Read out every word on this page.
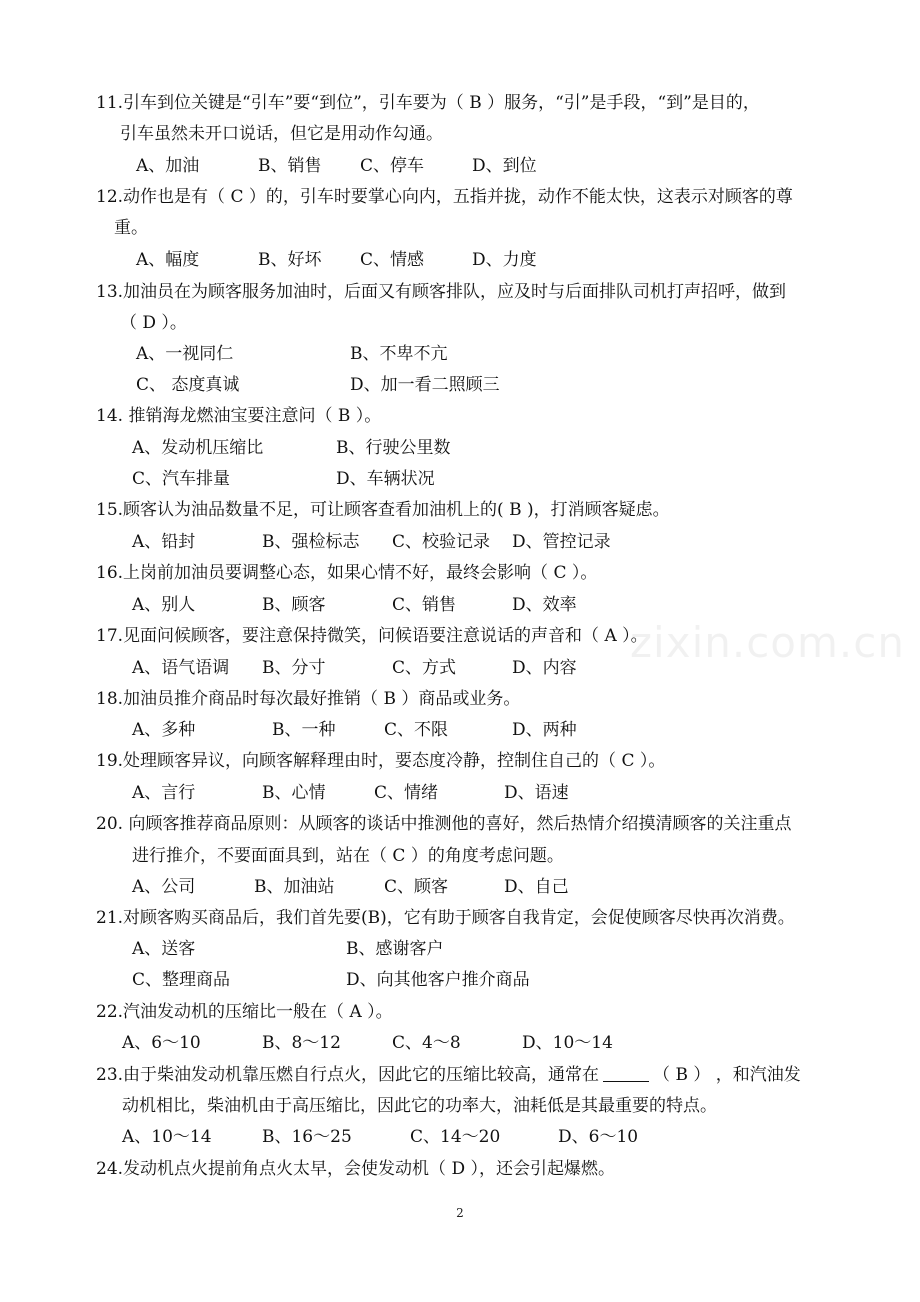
11.引车到位关键是“引车”要“到位”，引车要为（ B ）服务，“引”是手段，“到”是目的，
引车虽然未开口说话，但它是用动作勾通。
A、加油	B、销售 C、停车	D、到位
12.动作也是有（ C ）的，引车时要掌心向内，五指并拢，动作不能太快，这表示对顾客的尊
重。
A、幅度	B、好坏 C、情感	D、力度
13.加油员在为顾客服务加油时，后面又有顾客排队，应及时与后面排队司机打声招呼，做到
（ D ）。
A、一视同仁	B、不卑不亢
C、 态度真诚	D、加一看二照顾三
14. 推销海龙燃油宝要注意问（ B ）。
A、发动机压缩比	B、行驶公里数
C、汽车排量	D、车辆状况
15.顾客认为油品数量不足，可让顾客查看加油机上的( B )，打消顾客疑虑。
A、铅封	B、强检标志 C、校验记录 D、管控记录
16.上岗前加油员要调整心态，如果心情不好，最终会影响（ C ）。
A、别人	B、顾客	C、销售	D、效率
17.见面问候顾客，要注意保持微笑，问候语要注意说话的声音和（ A ）。
A、语气语调 B、分寸	C、方式	D、内容
18.加油员推介商品时每次最好推销（ B ）商品或业务。
A、多种	B、一种	C、不限	D、两种
19.处理顾客异议，向顾客解释理由时，要态度冷静，控制住自己的（ C ）。
A、言行	B、心情	C、情绪	D、语速
20. 向顾客推荐商品原则：从顾客的谈话中推测他的喜好，然后热情介绍摸清顾客的关注重点
进行推介，不要面面具到，站在（ C ）的角度考虑问题。
A、公司	B、加油站	C、顾客	D、自己
21.对顾客购买商品后，我们首先要(B)，它有助于顾客自我肯定，会促使顾客尽快再次消费。
A、送客	B、感谢客户
C、整理商品	D、向其他客户推介商品
22.汽油发动机的压缩比一般在（ A ）。
A、6～10	B、8～12	C、4～8	D、10～14
23.由于柴油发动机靠压燃自行点火，因此它的压缩比较高，通常在	（ B ） ，和汽油发
动机相比，柴油机由于高压缩比，因此它的功率大，油耗低是其最重要的特点。
A、10～14	B、16～25	C、14～20	D、6～10
24.发动机点火提前角点火太早，会使发动机（ D ），还会引起爆燃。
zixin.com.cn
2
